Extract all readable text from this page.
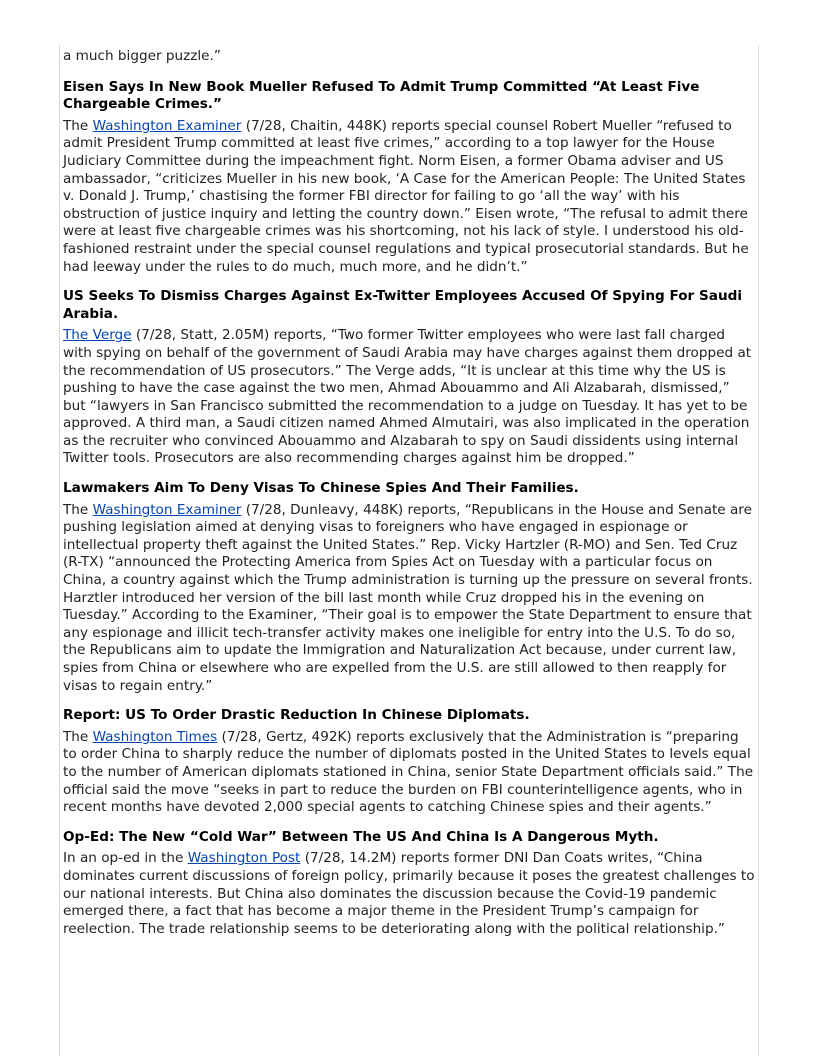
a much bigger puzzle.”

Eisen Says In New Book Mueller Refused To Admit Trump Committed “At Least Five Chargeable Crimes.”

The Washington Examiner (7/28, Chaitin, 448K) reports special counsel Robert Mueller “refused to admit President Trump committed at least five crimes,” according to a top lawyer for the House Judiciary Committee during the impeachment fight. Norm Eisen, a former Obama adviser and US ambassador, “criticizes Mueller in his new book, ‘A Case for the American People: The United States v. Donald J. Trump,’ chastising the former FBI director for failing to go ‘all the way’ with his obstruction of justice inquiry and letting the country down.” Eisen wrote, “The refusal to admit there were at least five chargeable crimes was his shortcoming, not his lack of style. I understood his old-fashioned restraint under the special counsel regulations and typical prosecutorial standards. But he had leeway under the rules to do much, much more, and he didn’t.”

US Seeks To Dismiss Charges Against Ex-Twitter Employees Accused Of Spying For Saudi Arabia.

The Verge (7/28, Statt, 2.05M) reports, “Two former Twitter employees who were last fall charged with spying on behalf of the government of Saudi Arabia may have charges against them dropped at the recommendation of US prosecutors.” The Verge adds, “It is unclear at this time why the US is pushing to have the case against the two men, Ahmad Abouammo and Ali Alzabarah, dismissed,” but “lawyers in San Francisco submitted the recommendation to a judge on Tuesday. It has yet to be approved. A third man, a Saudi citizen named Ahmed Almutairi, was also implicated in the operation as the recruiter who convinced Abouammo and Alzabarah to spy on Saudi dissidents using internal Twitter tools. Prosecutors are also recommending charges against him be dropped.”

Lawmakers Aim To Deny Visas To Chinese Spies And Their Families.

The Washington Examiner (7/28, Dunleavy, 448K) reports, “Republicans in the House and Senate are pushing legislation aimed at denying visas to foreigners who have engaged in espionage or intellectual property theft against the United States.” Rep. Vicky Hartzler (R-MO) and Sen. Ted Cruz (R-TX) “announced the Protecting America from Spies Act on Tuesday with a particular focus on China, a country against which the Trump administration is turning up the pressure on several fronts. Harztler introduced her version of the bill last month while Cruz dropped his in the evening on Tuesday.” According to the Examiner, “Their goal is to empower the State Department to ensure that any espionage and illicit tech-transfer activity makes one ineligible for entry into the U.S. To do so, the Republicans aim to update the Immigration and Naturalization Act because, under current law, spies from China or elsewhere who are expelled from the U.S. are still allowed to then reapply for visas to regain entry.”

Report: US To Order Drastic Reduction In Chinese Diplomats.

The Washington Times (7/28, Gertz, 492K) reports exclusively that the Administration is “preparing to order China to sharply reduce the number of diplomats posted in the United States to levels equal to the number of American diplomats stationed in China, senior State Department officials said.” The official said the move “seeks in part to reduce the burden on FBI counterintelligence agents, who in recent months have devoted 2,000 special agents to catching Chinese spies and their agents.”

Op-Ed: The New “Cold War” Between The US And China Is A Dangerous Myth.

In an op-ed in the Washington Post (7/28, 14.2M) reports former DNI Dan Coats writes, “China dominates current discussions of foreign policy, primarily because it poses the greatest challenges to our national interests. But China also dominates the discussion because the Covid-19 pandemic emerged there, a fact that has become a major theme in the President Trump’s campaign for reelection. The trade relationship seems to be deteriorating along with the political relationship.”
